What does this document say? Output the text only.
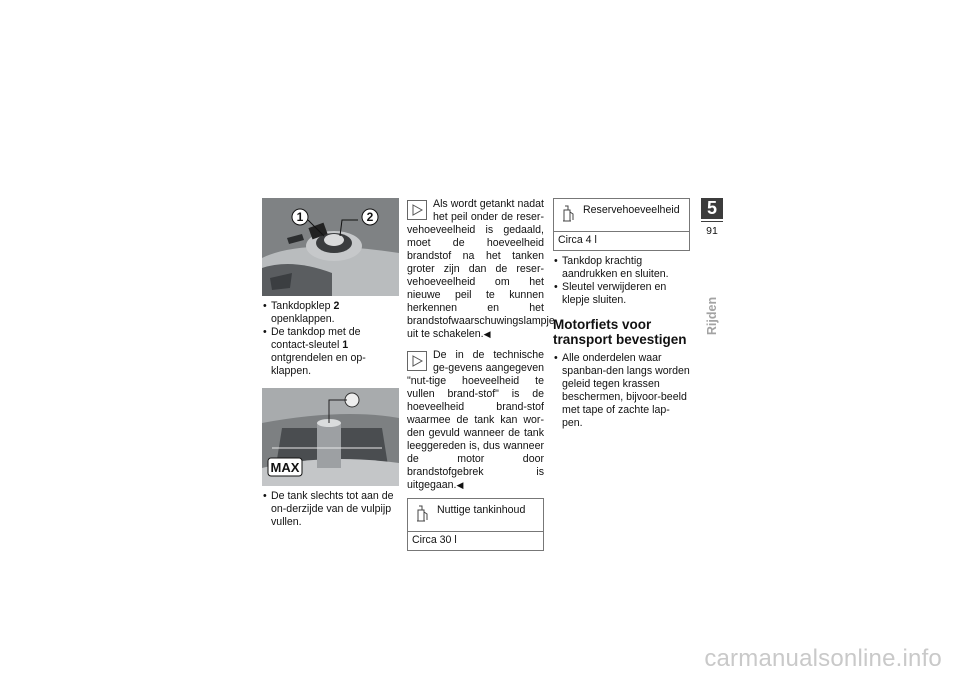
1	2
• Tankdopklep 2 openklappen.
• De tankdop met de contact-sleutel 1 ontgrendelen en op-klappen.
MAX
• De tank slechts tot aan de on-derzijde van de vulpijp vullen.
Als wordt getankt nadat het peil onder de reser-vehoeveelheid is gedaald, moet de hoeveelheid brandstof na het tanken groter zijn dan de reser-vehoeveelheid om het nieuwe peil te kunnen herkennen en het brandstofwaarschuwingslampje uit te schakelen.◀
De in de technische ge-gevens aangegeven "nut-tige hoeveelheid te vullen brand-stof" is de hoeveelheid brand-stof waarmee de tank kan wor-den gevuld wanneer de tank leeggereden is, dus wanneer de motor door brandstofgebrek is uitgegaan.◀
Nuttige tankinhoud
Circa 30 l
Reservehoeveelheid
Circa 4 l
• Tankdop krachtig aandrukken en sluiten.
• Sleutel verwijderen en klepje sluiten.
Motorfiets voor transport bevestigen
• Alle onderdelen waar spanban-den langs worden geleid tegen krassen beschermen, bijvoor-beeld met tape of zachte lap-pen.
5
91
Rijden
carmanualsonline.info
